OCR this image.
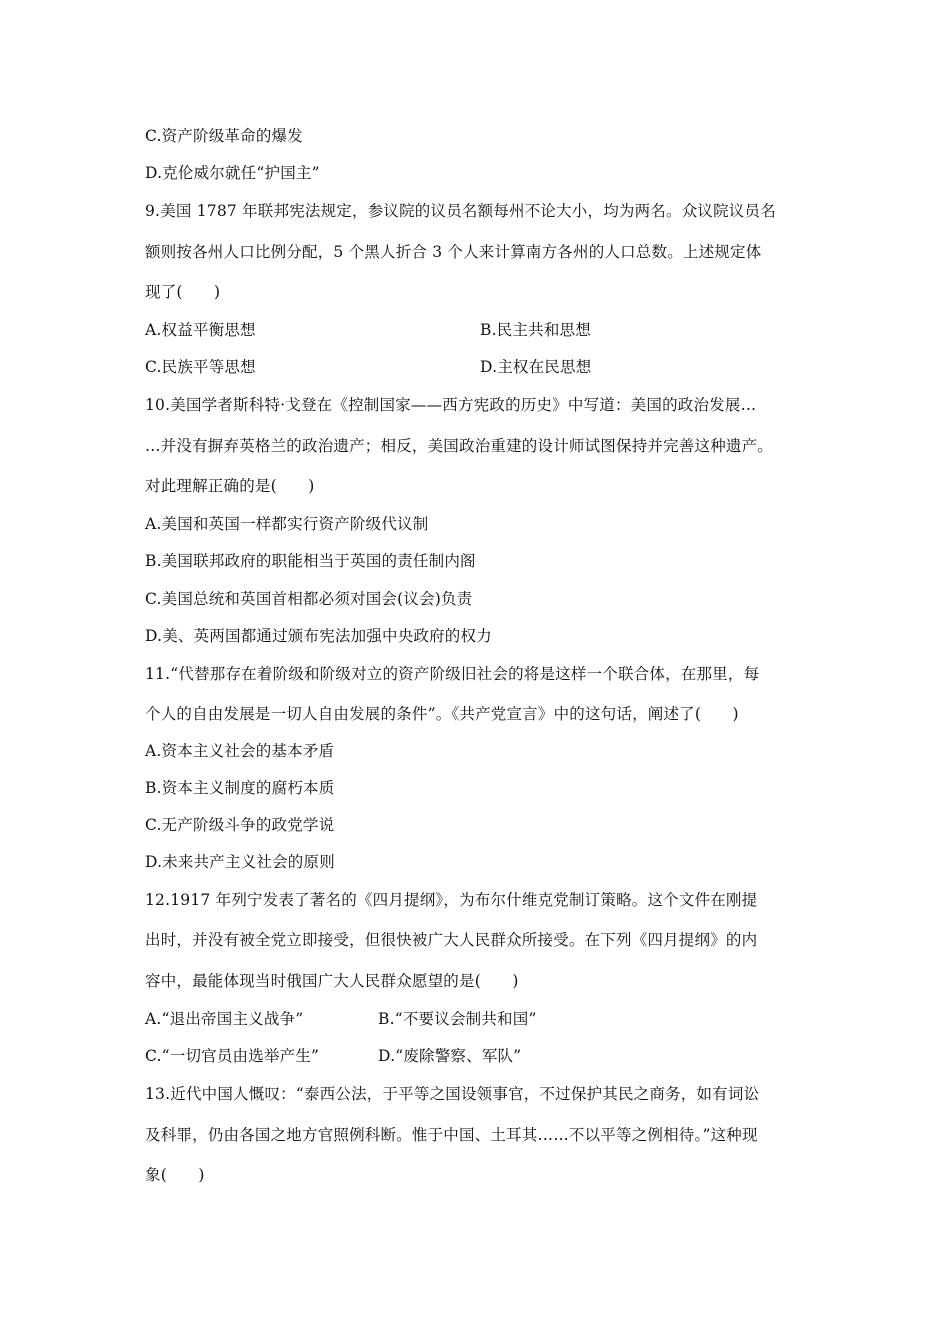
C.资产阶级革命的爆发
D.克伦威尔就任“护国主”
9.美国 1787 年联邦宪法规定，参议院的议员名额每州不论大小，均为两名。众议院议员名
额则按各州人口比例分配，5 个黑人折合 3 个人来计算南方各州的人口总数。上述规定体
现了(　　)
A.权益平衡思想	B.民主共和思想
C.民族平等思想	D.主权在民思想
10.美国学者斯科特·戈登在《控制国家——西方宪政的历史》中写道：美国的政治发展…
…并没有摒弃英格兰的政治遗产；相反，美国政治重建的设计师试图保持并完善这种遗产。
对此理解正确的是(　　)
A.美国和英国一样都实行资产阶级代议制
B.美国联邦政府的职能相当于英国的责任制内阁
C.美国总统和英国首相都必须对国会(议会)负责
D.美、英两国都通过颁布宪法加强中央政府的权力
11.“代替那存在着阶级和阶级对立的资产阶级旧社会的将是这样一个联合体，在那里，每
个人的自由发展是一切人自由发展的条件”。《共产党宣言》中的这句话，阐述了(　　)
A.资本主义社会的基本矛盾
B.资本主义制度的腐朽本质
C.无产阶级斗争的政党学说
D.未来共产主义社会的原则
12.1917 年列宁发表了著名的《四月提纲》，为布尔什维克党制订策略。这个文件在刚提
出时，并没有被全党立即接受，但很快被广大人民群众所接受。在下列《四月提纲》的内
容中，最能体现当时俄国广大人民群众愿望的是(　　)
A.“退出帝国主义战争”	B.“不要议会制共和国”
C.“一切官员由选举产生”	D.“废除警察、军队”
13.近代中国人慨叹：“泰西公法，于平等之国设领事官，不过保护其民之商务，如有词讼
及科罪，仍由各国之地方官照例科断。惟于中国、土耳其……不以平等之例相待。”这种现
象(　　)
